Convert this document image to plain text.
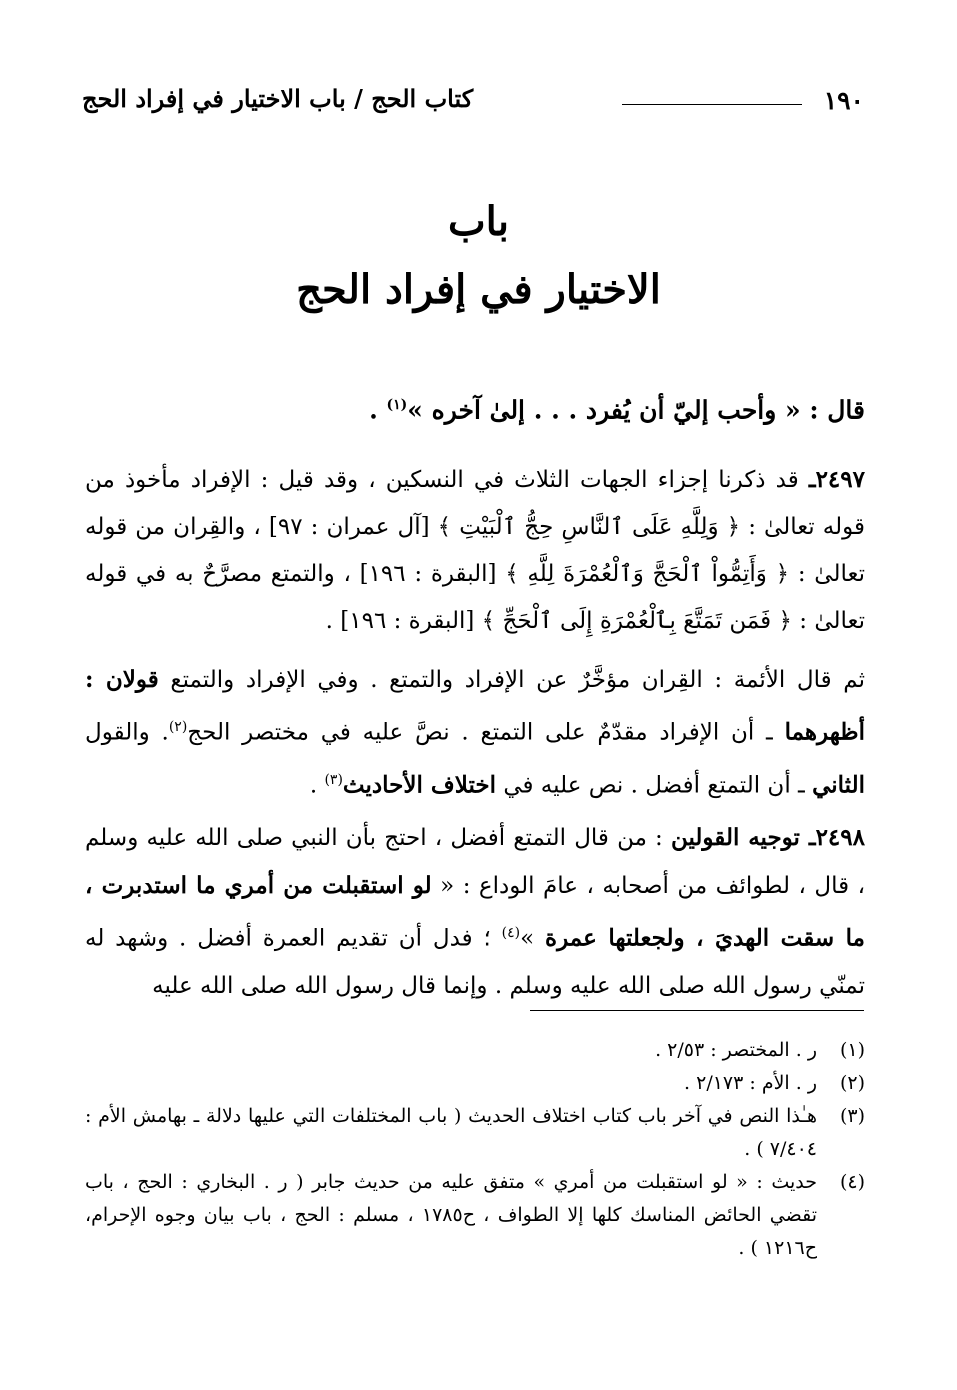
١٩٠
كتاب الحج / باب الاختيار في إفراد الحج
باب
الاختيار في إفراد الحج
قال : « وأحب إليّ أن يُفرد . . . إلىٰ آخره »$^{(١)}$ .
٢٤٩٧ـ قد ذكرنا إجزاء الجهات الثلاث في النسكين ، وقد قيل : الإفراد مأخوذ من قوله تعالىٰ : ﴿ وَلِلَّهِ عَلَى ٱلنَّاسِ حِجُّ ٱلْبَيْتِ ﴾ [آل عمران : ٩٧] ، والقِران من قوله تعالىٰ : ﴿ وَأَتِمُّواْ ٱلْحَجَّ وَٱلْعُمْرَةَ لِلَّهِ ﴾ [البقرة : ١٩٦] ، والتمتع مصرَّحٌ به في قوله تعالىٰ : ﴿ فَمَن تَمَتَّعَ بِٱلْعُمْرَةِ إِلَى ٱلْحَجِّ ﴾ [البقرة : ١٩٦] .
ثم قال الأئمة : القِران مؤخَّرٌ عن الإفراد والتمتع . وفي الإفراد والتمتع قولان : أظهرهما ـ أن الإفراد مقدّمٌ على التمتع . نصَّ عليه في مختصر الحج$^{(٢)}$. والقول الثاني ـ أن التمتع أفضل . نص عليه في اختلاف الأحاديث$^{(٣)}$ .
٢٤٩٨ـ توجيه القولين : من قال التمتع أفضل ، احتج بأن النبي صلى الله عليه وسلم ، قال ، لطوائف من أصحابه ، عامَ الوداع : « لو استقبلت من أمري ما استدبرت ، ما سقت الهديَ ، ولجعلتها عمرة »$^{(٤)}$ ؛ فدل أن تقديم العمرة أفضل . وشهد له تمنّي رسول الله صلى الله عليه وسلم . وإنما قال رسول الله صلى الله عليه
(١)
ر . المختصر : ٢/٥٣ .
(٢)
ر . الأم : ٢/١٧٣ .
(٣)
هـٰذا النص في آخر باب كتاب اختلاف الحديث ( باب المختلفات التي عليها دلالة ـ بهامش الأم : ٧/٤٠٤ ) .
(٤)
حديث : « لو استقبلت من أمري » متفق عليه من حديث جابر ( ر . البخاري : الحج ، باب تقضي الحائض المناسك كلها إلا الطواف ، ح١٧٨٥ ، مسلم : الحج ، باب بيان وجوه الإحرام، ح١٢١٦ ) .
